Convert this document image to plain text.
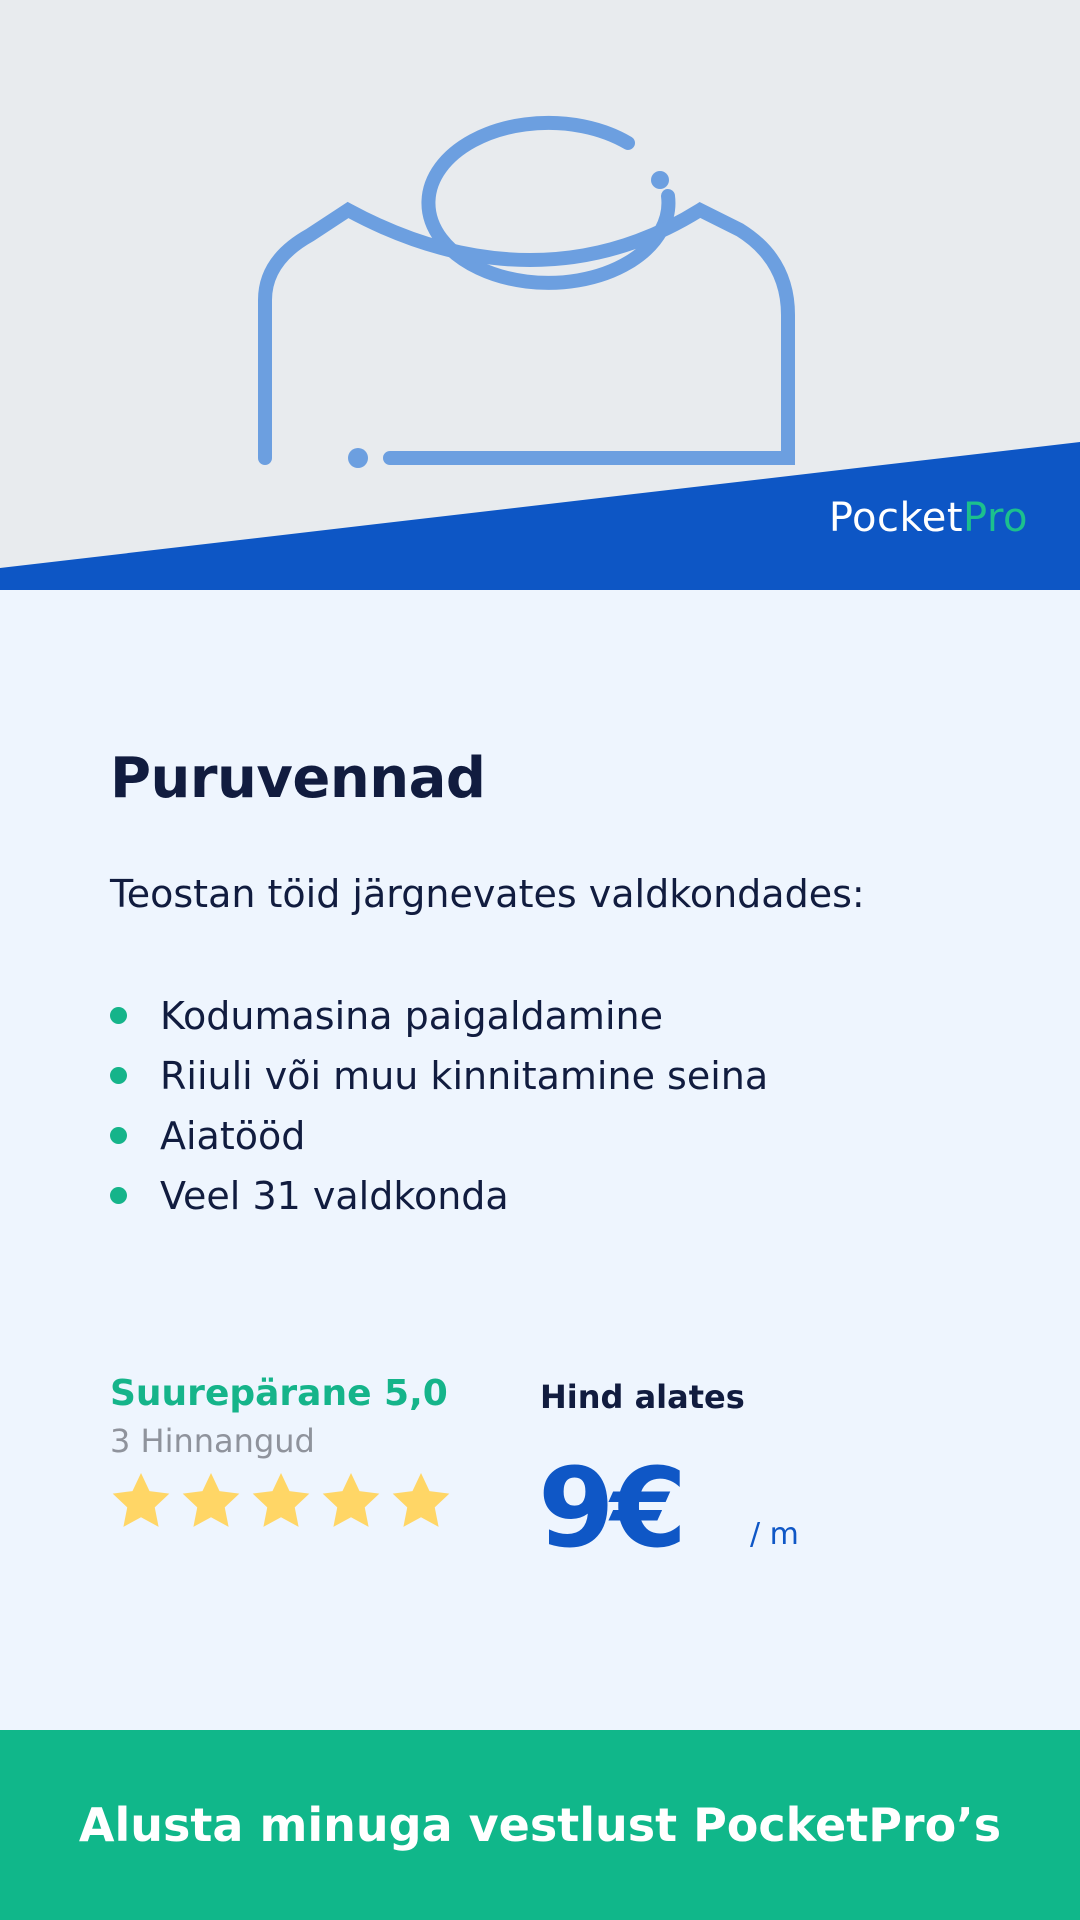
PocketPro
Puruvennad
Teostan töid järgnevates valdkondades:
Kodumasina paigaldamine
Riiuli või muu kinnitamine seina
Aiatööd
Veel 31 valdkonda
Suurepärane 5,0
3 Hinnangud
Hind alates
9€ / m
Alusta minuga vestlust PocketPro’s
